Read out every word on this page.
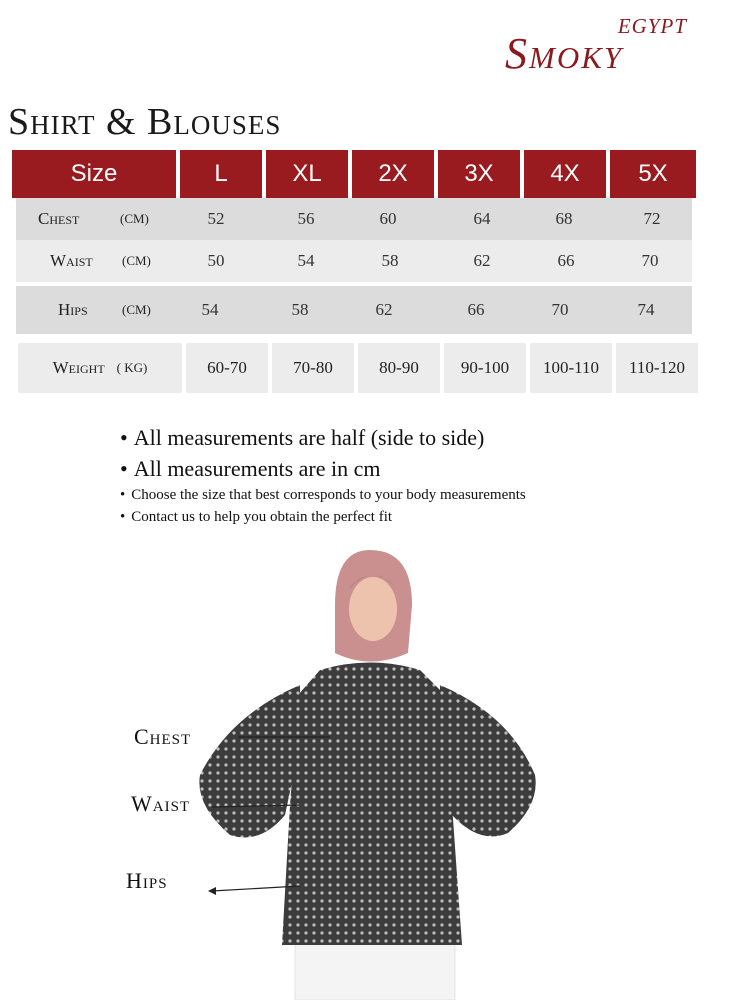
EGYPT
Smoky
Shirt & Blouses
Size	L	XL	2X	3X	4X	5X
Chest	(CM)	52	56	60	64	68	72
Waist (CM)	50	54	58	62	66	70
Hips	(CM)	54	58	62	66	70	74
Weight ( KG)	60-70	70-80	80-90	90-100	100-110	110-120
• All measurements are half (side to side)
• All measurements are in cm
• Choose the size that best corresponds to your body measurements
• Contact us to help you obtain the perfect fit
Chest
Waist
Hips
